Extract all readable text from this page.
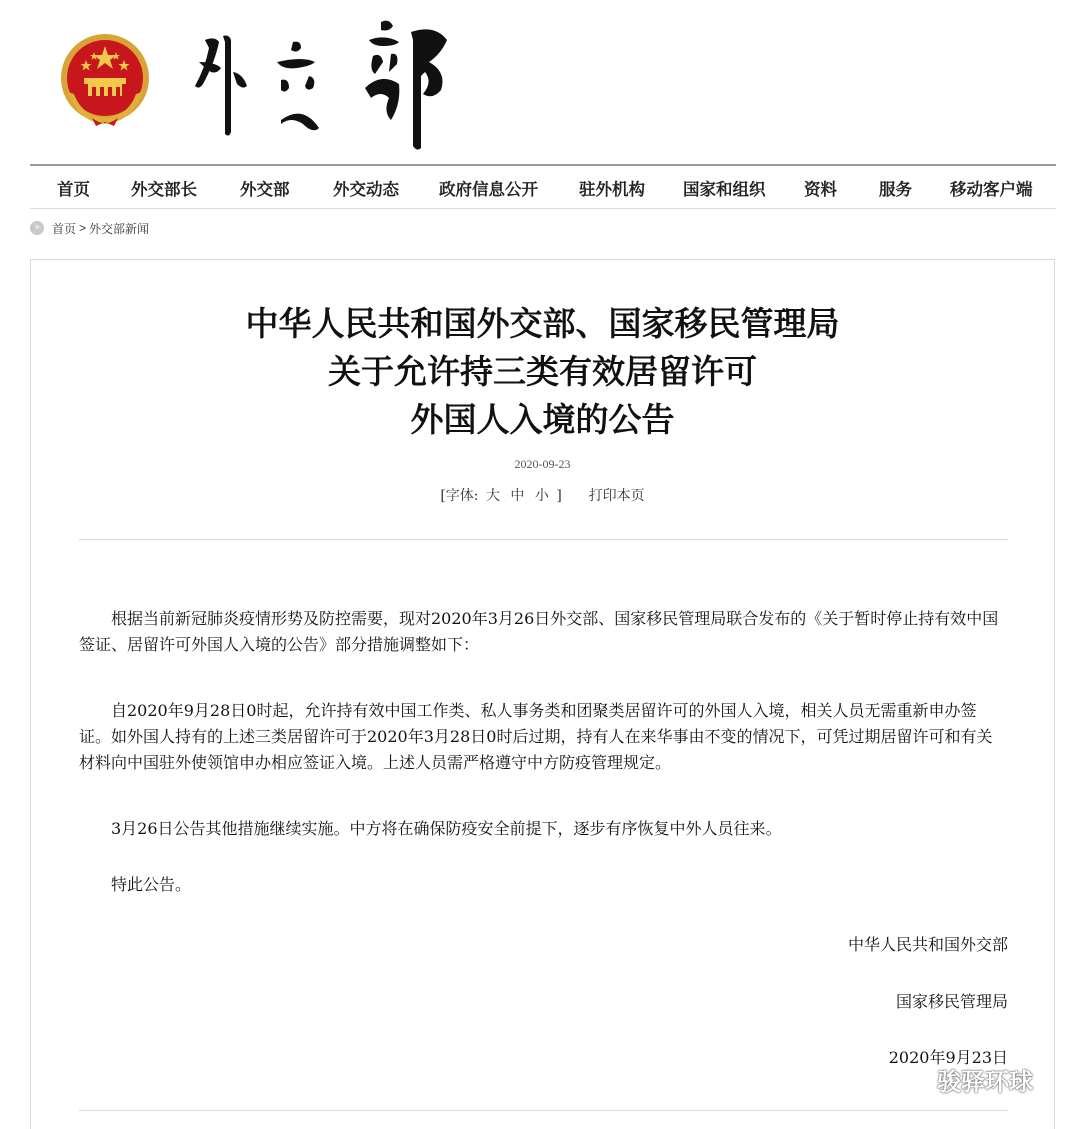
首页 外交部长	外交部	外交动态 政府信息公开 驻外机构 国家和组织 资料	服务 移动客户端
» 首页 > 外交部新闻
中华人民共和国外交部、国家移民管理局
关于允许持三类有效居留许可
外国人入境的公告
2020-09-23
[字体: 大 中 小 ] 打印本页

根据当前新冠肺炎疫情形势及防控需要，现对2020年3月26日外交部、国家移民管理局联合发布的《关于暂时停止持有效中国签证、居留许可外国人入境的公告》部分措施调整如下：

自2020年9月28日0时起，允许持有效中国工作类、私人事务类和团聚类居留许可的外国人入境，相关人员无需重新申办签证。如外国人持有的上述三类居留许可于2020年3月28日0时后过期，持有人在来华事由不变的情况下，可凭过期居留许可和有关材料向中国驻外使领馆申办相应签证入境。上述人员需严格遵守中方防疫管理规定。

3月26日公告其他措施继续实施。中方将在确保防疫安全前提下，逐步有序恢复中外人员往来。

特此公告。

中华人民共和国外交部
国家移民管理局
2020年9月23日
骏驿环球
